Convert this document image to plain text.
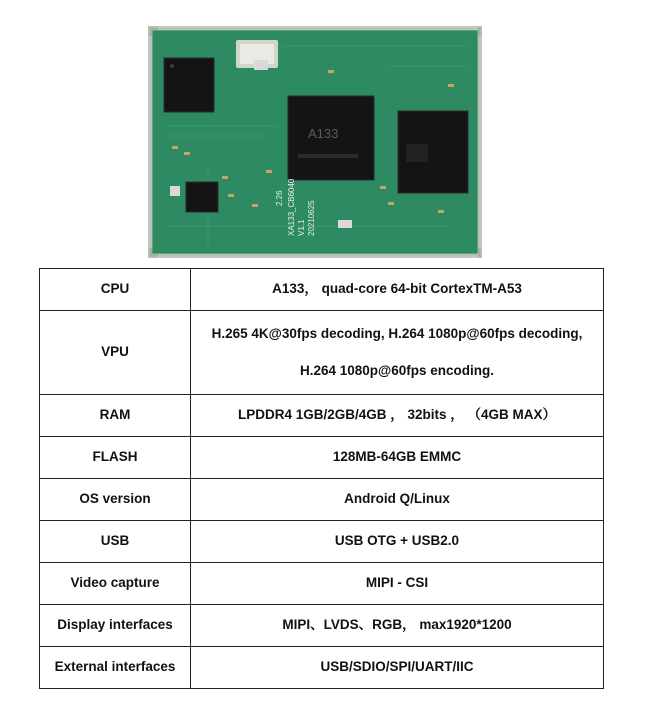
A133
XA133_CB6040 V1.1 20210625
2.26
CPU	A133， quad-core 64-bit CortexTM-A53

VPU	H.265 4K@30fps decoding, H.264 1080p@60fps decoding,
H.264 1080p@60fps encoding.

RAM	LPDDR4 1GB/2GB/4GB ， 32bits ， （4GB MAX）

FLASH	128MB-64GB EMMC

OS version	Android Q/Linux

USB	USB OTG + USB2.0

Video capture	MIPI - CSI

Display interfaces	MIPI、LVDS、RGB， max1920*1200

External interfaces	USB/SDIO/SPI/UART/IIC
